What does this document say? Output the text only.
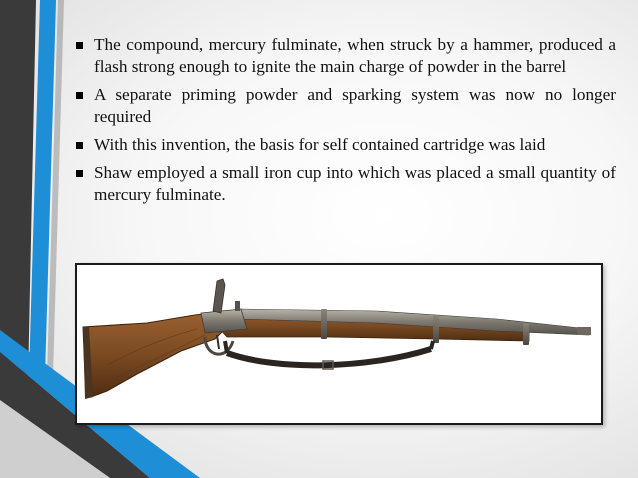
The compound, mercury fulminate, when struck by a hammer, produced a flash strong enough to ignite the main charge of powder in the barrel
A separate priming powder and sparking system was now no longer required
With this invention, the basis for self contained cartridge was laid
Shaw employed a small iron cup into which was placed a small quantity of mercury fulminate.
